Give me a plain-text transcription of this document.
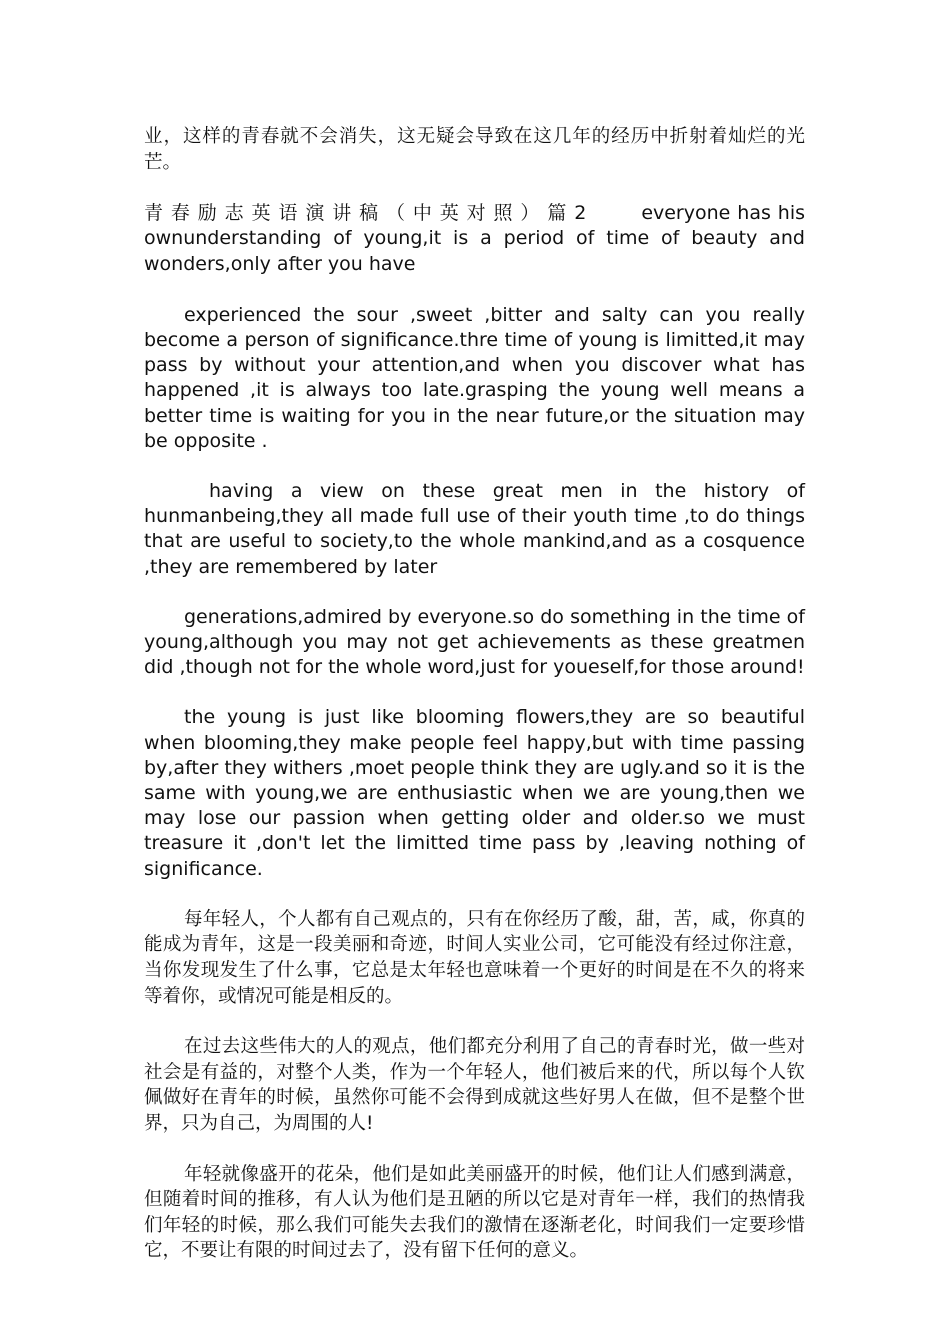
业，这样的青春就不会消失，这无疑会导致在这几年的经历中折射着灿烂的光芒。

青春励志英语演讲稿（中英对照）篇2	everyone has his ownunderstanding of young,it is a period of time of beauty and wonders,only after you have

experienced the sour ,sweet ,bitter and salty can you really become a person of significance.thre time of young is limitted,it may pass by without your attention,and when you discover what has happened ,it is always too late.grasping the young well means a better time is waiting for you in the near future,or the situation may be opposite .

having a view on these great men in the history of hunmanbeing,they all made full use of their youth time ,to do things that are useful to society,to the whole mankind,and as a cosquence ,they are remembered by later

generations,admired by everyone.so do something in the time of young,although you may not get achievements as these greatmen did ,though not for the whole word,just for youeself,for those around!

the young is just like blooming flowers,they are so beautiful when blooming,they make people feel happy,but with time passing by,after they withers ,moet people think they are ugly.and so it is the same with young,we are enthusiastic when we are young,then we may lose our passion when getting older and older.so we must treasure it ,don't let the limitted time pass by ,leaving nothing of significance.

每年轻人，个人都有自己观点的，只有在你经历了酸，甜，苦，咸，你真的能成为青年，这是一段美丽和奇迹，时间人实业公司，它可能没有经过你注意，当你发现发生了什么事，它总是太年轻也意味着一个更好的时间是在不久的将来等着你，或情况可能是相反的。

在过去这些伟大的人的观点，他们都充分利用了自己的青春时光，做一些对社会是有益的，对整个人类，作为一个年轻人，他们被后来的代，所以每个人钦佩做好在青年的时候，虽然你可能不会得到成就这些好男人在做，但不是整个世界，只为自己，为周围的人!

年轻就像盛开的花朵，他们是如此美丽盛开的时候，他们让人们感到满意，但随着时间的推移，有人认为他们是丑陋的所以它是对青年一样，我们的热情我们年轻的时候，那么我们可能失去我们的激情在逐渐老化，时间我们一定要珍惜它，不要让有限的时间过去了，没有留下任何的意义。
